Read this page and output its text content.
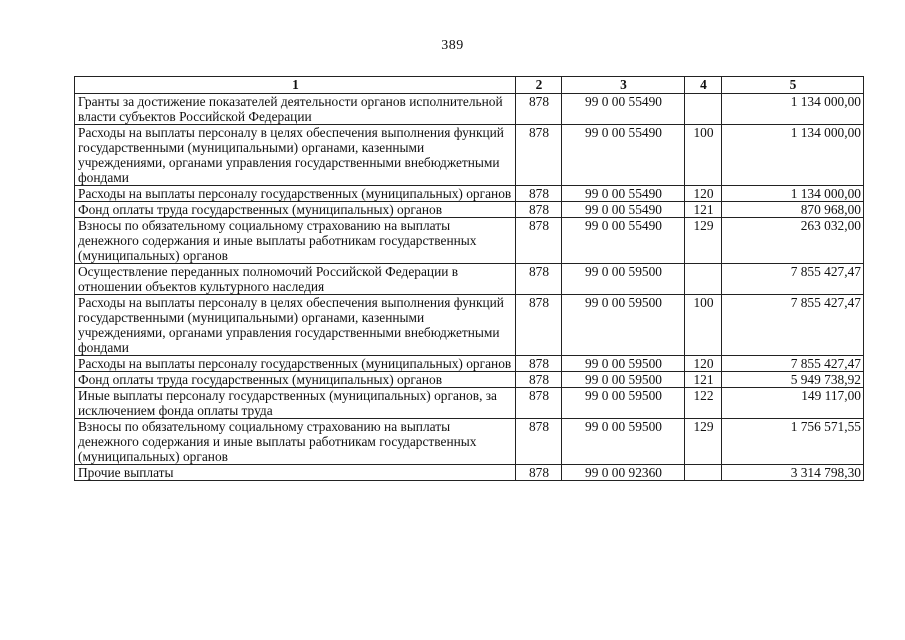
389
1	2	3	4	5
Гранты за достижение показателей деятельности органов исполнительной власти субъектов Российской Федерации	878	99 0 00 55490		1 134 000,00
Расходы на выплаты персоналу в целях обеспечения выполнения функций государственными (муниципальными) органами, казенными учреждениями, органами управления государственными внебюджетными фондами	878	99 0 00 55490	100	1 134 000,00
Расходы на выплаты персоналу государственных (муниципальных) органов	878	99 0 00 55490	120	1 134 000,00
Фонд оплаты труда государственных (муниципальных) органов	878	99 0 00 55490	121	870 968,00
Взносы по обязательному социальному страхованию на выплаты денежного содержания и иные выплаты работникам государственных (муниципальных) органов	878	99 0 00 55490	129	263 032,00
Осуществление переданных полномочий Российской Федерации в отношении объектов культурного наследия	878	99 0 00 59500		7 855 427,47
Расходы на выплаты персоналу в целях обеспечения выполнения функций государственными (муниципальными) органами, казенными учреждениями, органами управления государственными внебюджетными фондами	878	99 0 00 59500	100	7 855 427,47
Расходы на выплаты персоналу государственных (муниципальных) органов	878	99 0 00 59500	120	7 855 427,47
Фонд оплаты труда государственных (муниципальных) органов	878	99 0 00 59500	121	5 949 738,92
Иные выплаты персоналу государственных (муниципальных) органов, за исключением фонда оплаты труда	878	99 0 00 59500	122	149 117,00
Взносы по обязательному социальному страхованию на выплаты денежного содержания и иные выплаты работникам государственных (муниципальных) органов	878	99 0 00 59500	129	1 756 571,55
Прочие выплаты	878	99 0 00 92360		3 314 798,30
